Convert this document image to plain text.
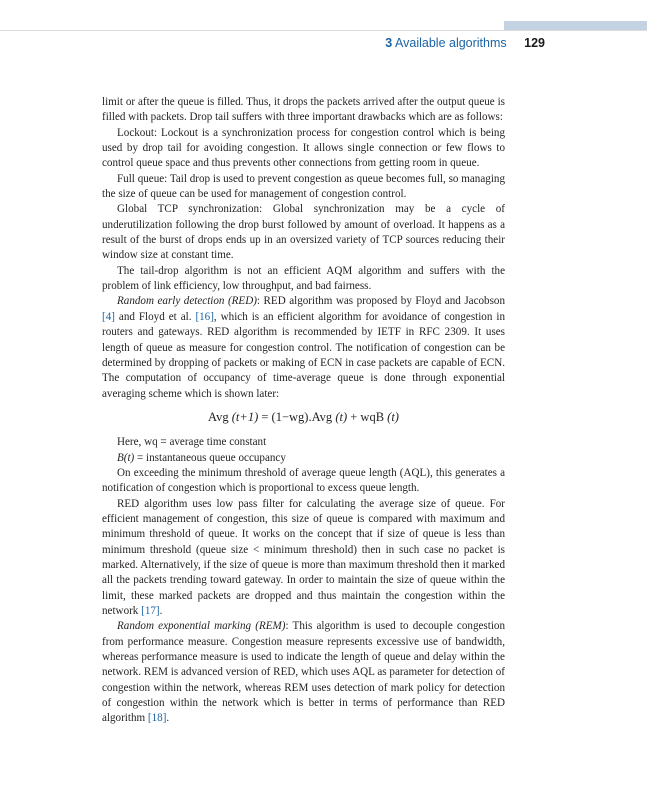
3 Available algorithms 129

limit or after the queue is filled. Thus, it drops the packets arrived after the output queue is filled with packets. Drop tail suffers with three important drawbacks which are as follows:

Lockout: Lockout is a synchronization process for congestion control which is being used by drop tail for avoiding congestion. It allows single connection or few flows to control queue space and thus prevents other connections from getting room in queue.

Full queue: Tail drop is used to prevent congestion as queue becomes full, so managing the size of queue can be used for management of congestion control.

Global TCP synchronization: Global synchronization may be a cycle of underutilization following the drop burst followed by amount of overload. It happens as a result of the burst of drops ends up in an oversized variety of TCP sources reducing their window size at constant time.

The tail-drop algorithm is not an efficient AQM algorithm and suffers with the problem of link efficiency, low throughput, and bad fairness.

Random early detection (RED): RED algorithm was proposed by Floyd and Jacobson [4] and Floyd et al. [16], which is an efficient algorithm for avoidance of congestion in routers and gateways. RED algorithm is recommended by IETF in RFC 2309. It uses length of queue as measure for congestion control. The notification of congestion can be determined by dropping of packets or making of ECN in case packets are capable of ECN. The computation of occupancy of time-average queue is done through exponential averaging scheme which is shown later:

Avg (t+1) = (1−wg).Avg (t) + wqB (t)

Here, wq = average time constant

B(t) = instantaneous queue occupancy

On exceeding the minimum threshold of average queue length (AQL), this generates a notification of congestion which is proportional to excess queue length.

RED algorithm uses low pass filter for calculating the average size of queue. For efficient management of congestion, this size of queue is compared with maximum and minimum threshold of queue. It works on the concept that if size of queue is less than minimum threshold (queue size < minimum threshold) then in such case no packet is marked. Alternatively, if the size of queue is more than maximum threshold then it marked all the packets trending toward gateway. In order to maintain the size of queue within the limit, these marked packets are dropped and thus maintain the congestion within the network [17].

Random exponential marking (REM): This algorithm is used to decouple congestion from performance measure. Congestion measure represents excessive use of bandwidth, whereas performance measure is used to indicate the length of queue and delay within the network. REM is advanced version of RED, which uses AQL as parameter for detection of congestion within the network, whereas REM uses detection of mark policy for detection of congestion within the network which is better in terms of performance than RED algorithm [18].
